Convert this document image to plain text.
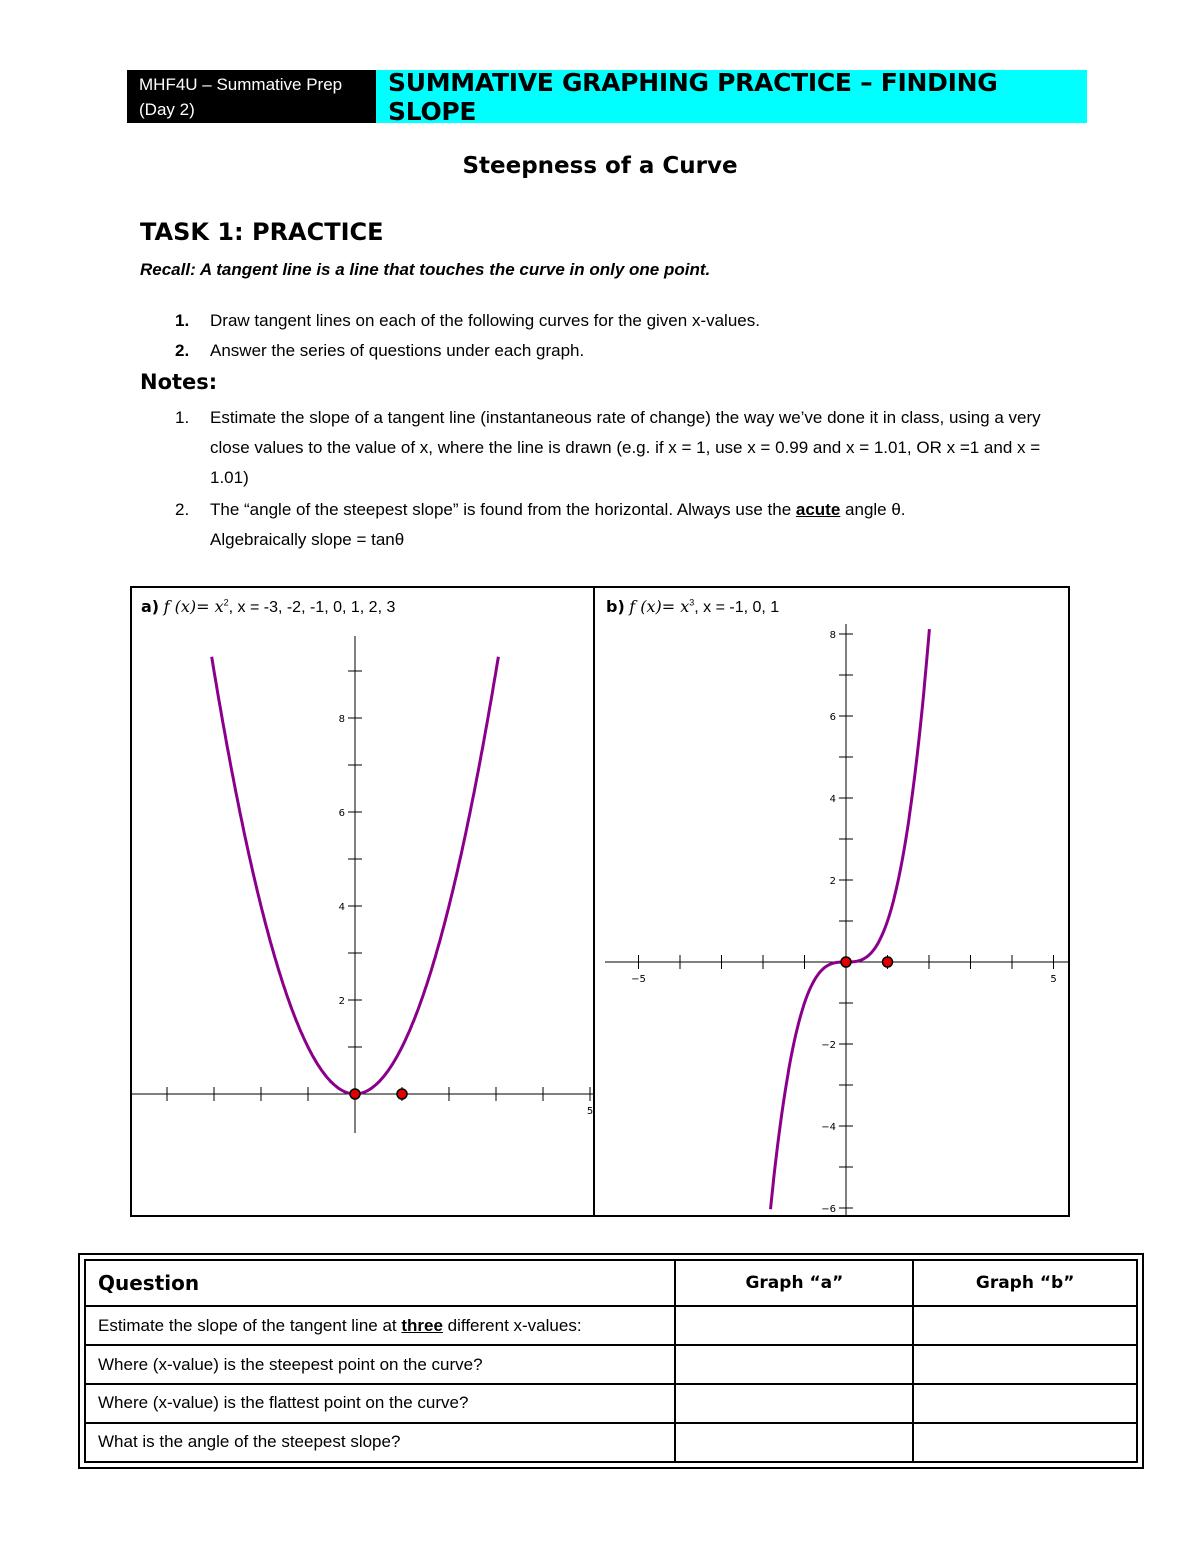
MHF4U – Summative Prep (Day 2)
SUMMATIVE GRAPHING PRACTICE – FINDING SLOPE
Steepness of a Curve
TASK 1: PRACTICE
Recall: A tangent line is a line that touches the curve in only one point.
1. Draw tangent lines on each of the following curves for the given x-values.
2. Answer the series of questions under each graph.
Notes:
1. Estimate the slope of a tangent line (instantaneous rate of change) the way we’ve done it in class, using a very close values to the value of x, where the line is drawn (e.g. if x = 1, use x = 0.99 and x = 1.01, OR x =1 and x = 1.01)
2. The “angle of the steepest slope” is found from the horizontal. Always use the acute angle θ.
Algebraically slope = tanθ
a) f $(x)= x^2$, x = -3, -2, -1, 0, 1, 2, 3	b) f $(x)= x^3$, x = -1, 0, 1
2
4
6
8
5
8
6
4
2
−2
−4
−6
−5	5
Question	Graph “a”	Graph “b”
Estimate the slope of the tangent line at three different x-values:		
Where (x-value) is the steepest point on the curve?		
Where (x-value) is the flattest point on the curve?		
What is the angle of the steepest slope?		
